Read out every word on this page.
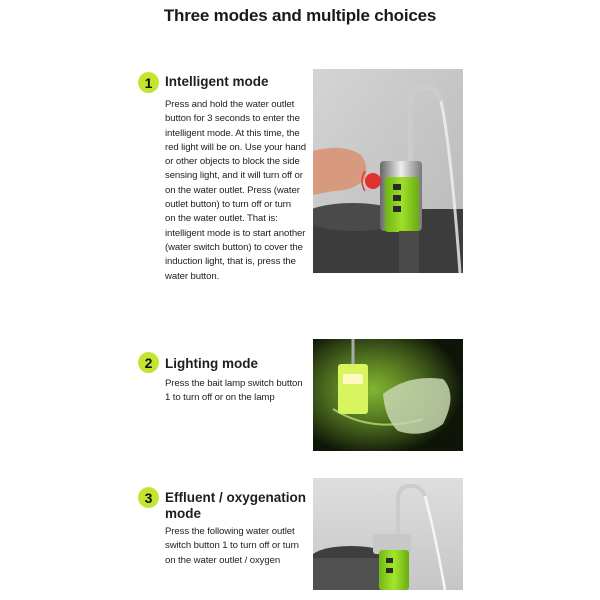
Three modes and multiple choices
1 Intelligent mode
Press and hold the water outlet
button for 3 seconds to enter the
intelligent mode. At this time, the
red light will be on. Use your hand
or other objects to block the side
sensing light, and it will turn off or
on the water outlet. Press (water
outlet button) to turn off or turn
on the water outlet. That is:
intelligent mode is to start another
(water switch button) to cover the
induction light, that is, press the
water button.
2 Lighting mode
Press the bait lamp switch button
1 to turn off or on the lamp
3 Effluent / oxygenation
mode
Press the following water outlet
switch button 1 to turn off or turn
on the water outlet / oxygen
